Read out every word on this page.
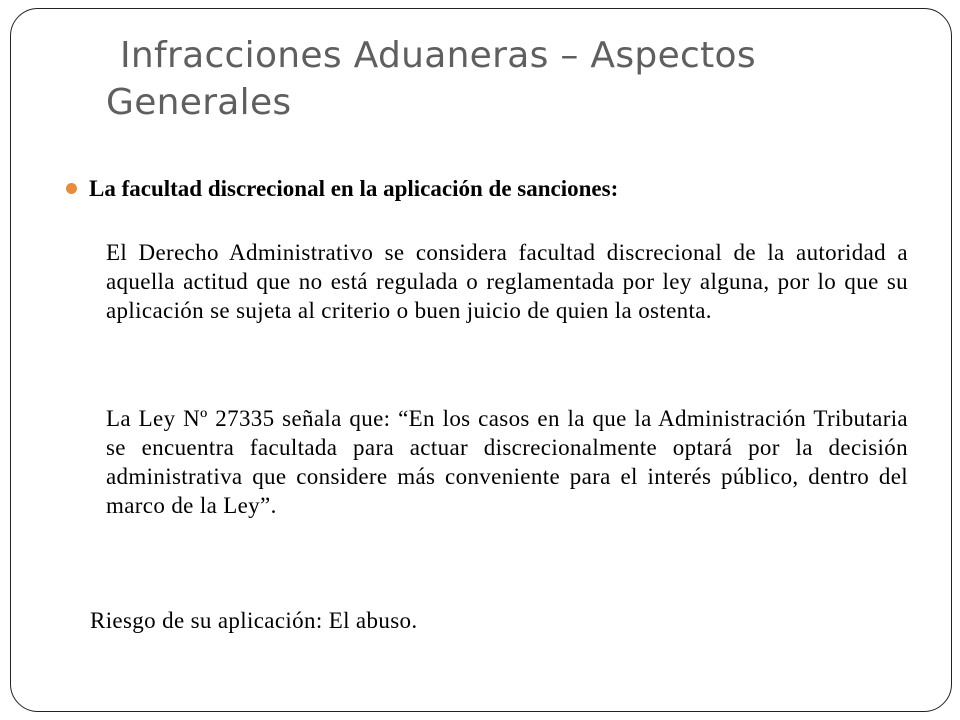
Infracciones Aduaneras – Aspectos
Generales
La facultad discrecional en la aplicación de sanciones:

El Derecho Administrativo se considera facultad discrecional de la autoridad a aquella actitud que no está regulada o reglamentada por ley alguna, por lo que su aplicación se sujeta al criterio o buen juicio de quien la ostenta.

La Ley Nº 27335 señala que: “En los casos en la que la Administración Tributaria se encuentra facultada para actuar discrecionalmente optará por la decisión administrativa que considere más conveniente para el interés público, dentro del marco de la Ley”.

Riesgo de su aplicación: El abuso.
